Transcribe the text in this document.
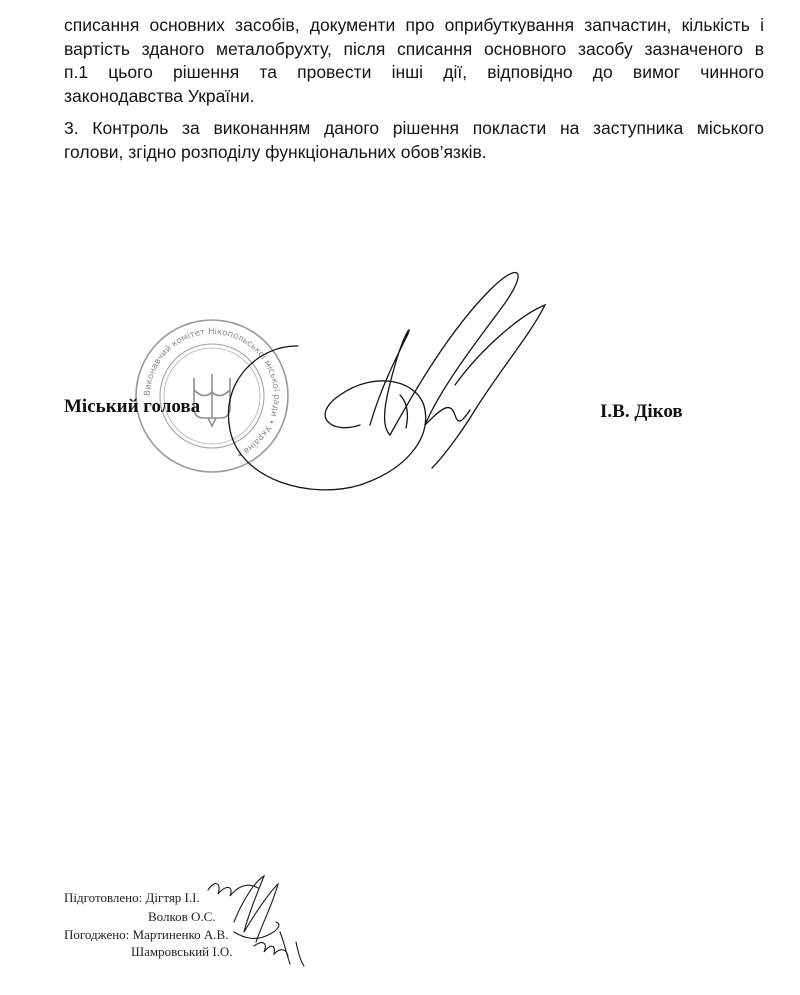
списання основних засобів, документи про оприбуткування запчастин, кількість і
вартість зданого металобрухту, після списання основного засобу зазначеного в
п.1 цього рішення та провести інші дії, відповідно до вимог чинного
законодавства України.
3. Контроль за виконанням даного рішення покласти на заступника міського
голови, згідно розподілу функціональних обов’язків.
Виконавчий комітет Нікопольської міської ради • Україна •
Міський голова	І.В. Діков
Підготовлено: Дігтяр І.І.
Волков О.С.
Погоджено: Мартиненко А.В.
Шамровський І.О.
